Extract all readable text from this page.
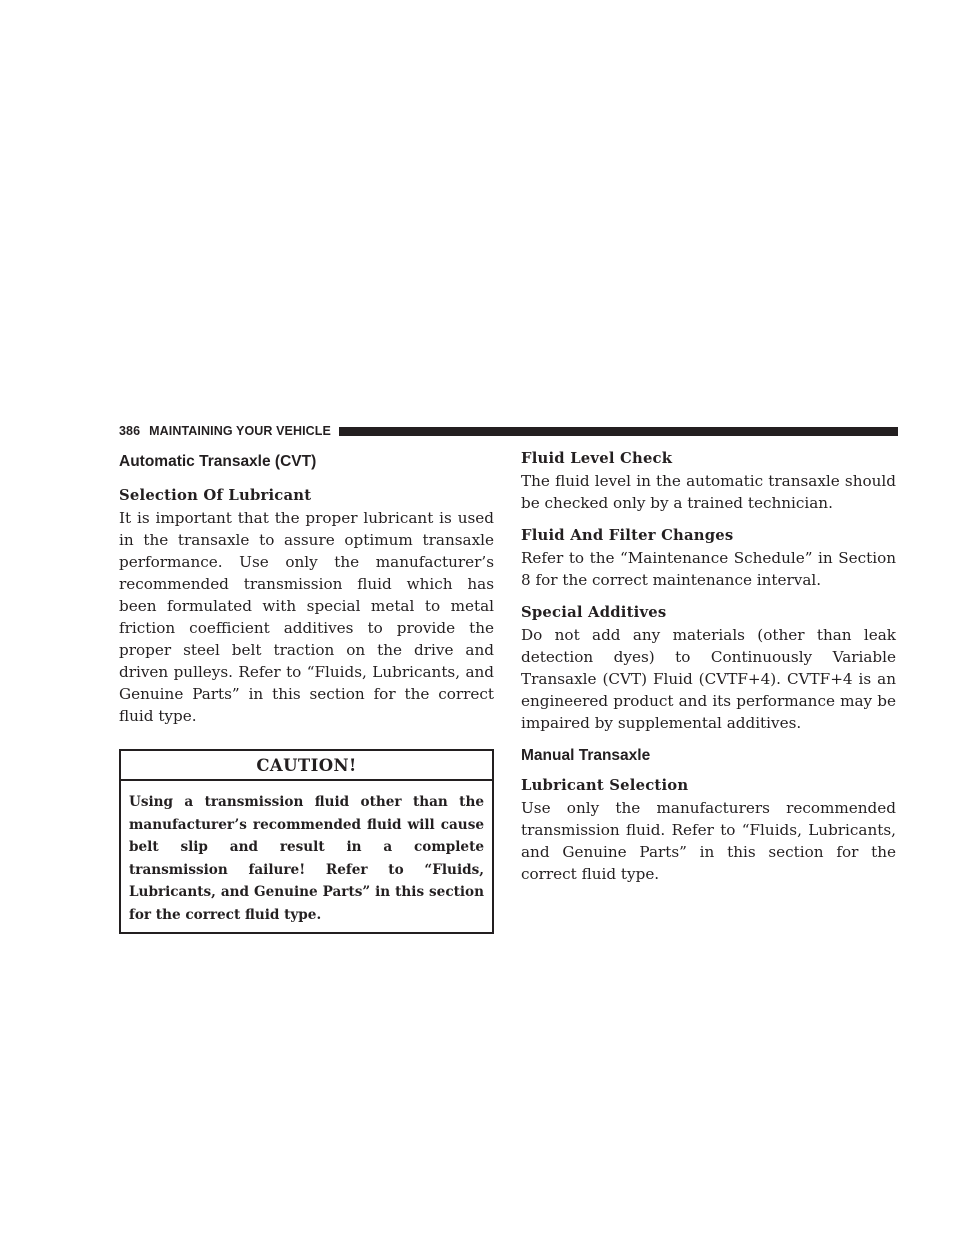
386 MAINTAINING YOUR VEHICLE
Automatic Transaxle (CVT)
Selection Of Lubricant

It is important that the proper lubricant is used in the transaxle to assure optimum transaxle performance. Use only the manufacturer’s recommended transmission fluid which has been formulated with special metal to metal friction coefficient additives to provide the proper steel belt traction on the drive and driven pulleys. Refer to “Fluids, Lubricants, and Genuine Parts” in this section for the correct fluid type.

CAUTION!
Using a transmission fluid other than the manufacturer’s recommended fluid will cause belt slip and result in a complete transmission failure! Refer to “Fluids, Lubricants, and Genuine Parts” in this section for the correct fluid type.
Fluid Level Check

The fluid level in the automatic transaxle should be checked only by a trained technician.

Fluid And Filter Changes

Refer to the “Maintenance Schedule” in Section 8 for the correct maintenance interval.

Special Additives

Do not add any materials (other than leak detection dyes) to Continuously Variable Transaxle (CVT) Fluid (CVTF+4). CVTF+4 is an engineered product and its performance may be impaired by supplemental additives.

Manual Transaxle
Lubricant Selection

Use only the manufacturers recommended transmission fluid. Refer to “Fluids, Lubricants, and Genuine Parts” in this section for the correct fluid type.
